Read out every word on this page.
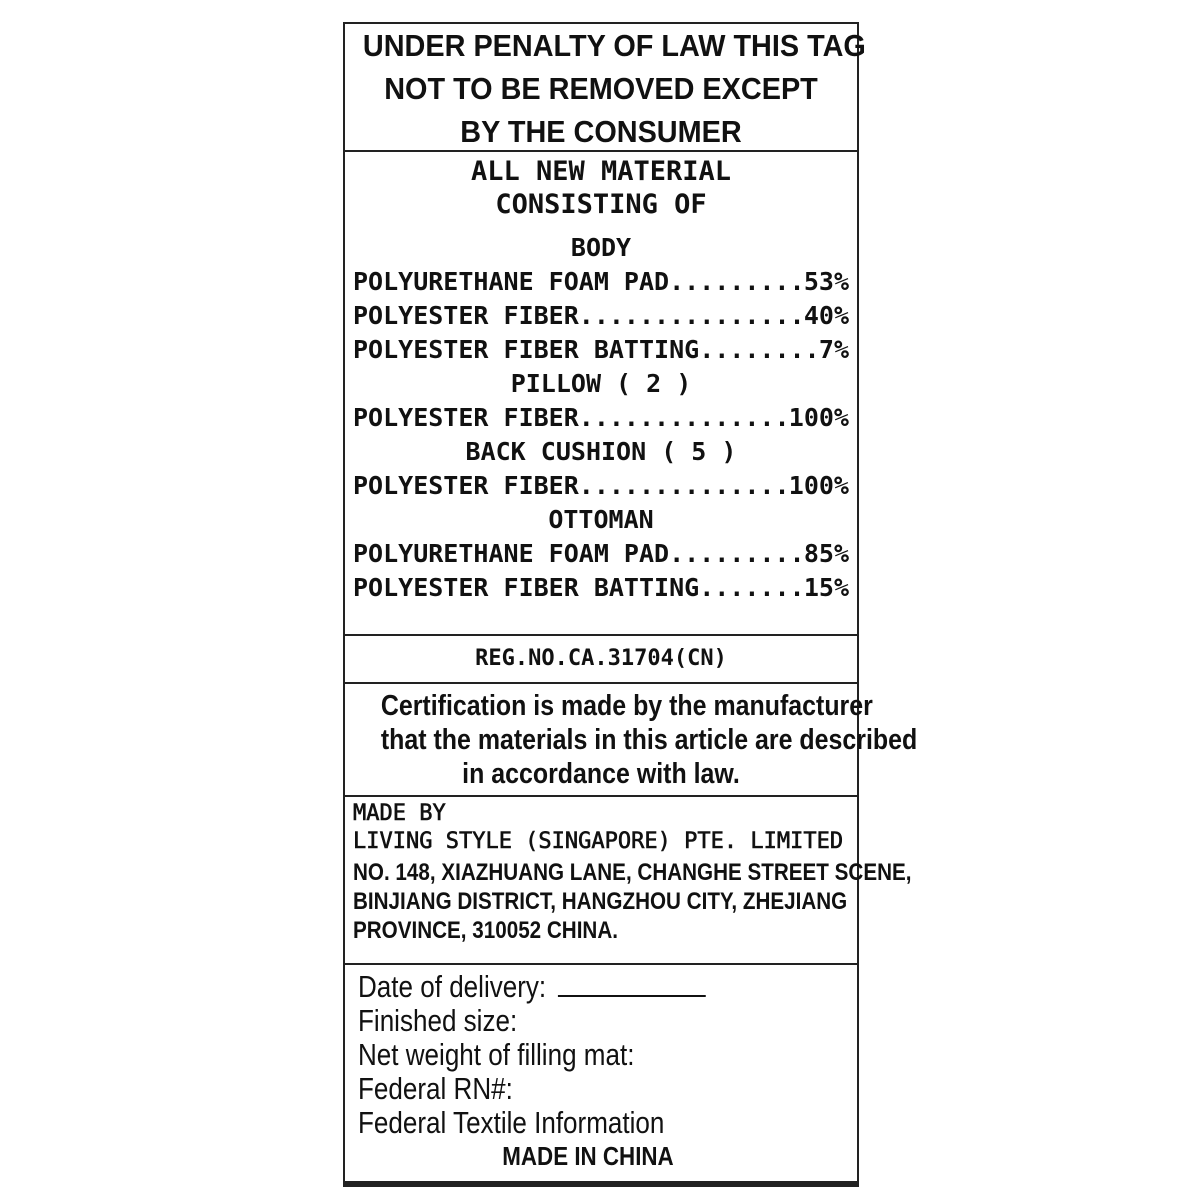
UNDER PENALTY OF LAW THIS TAG
NOT TO BE REMOVED EXCEPT
BY THE CONSUMER
ALL NEW MATERIAL
CONSISTING OF
BODY
POLYURETHANE FOAM PAD .....	53%
POLYESTER FIBER .....	40%
POLYESTER FIBER BATTING .....	7%
PILLOW ( 2 )
POLYESTER FIBER .....	100%
BACK CUSHION ( 5 )
POLYESTER FIBER .....	100%
OTTOMAN
POLYURETHANE FOAM PAD .....	85%
POLYESTER FIBER BATTING .....	15%
REG.NO.CA.31704(CN)
Certification is made by the manufacturer
that the materials in this article are described
in accordance with law.
MADE BY
LIVING STYLE (SINGAPORE) PTE. LIMITED
NO. 148, XIAZHUANG LANE, CHANGHE STREET SCENE,
BINJIANG DISTRICT, HANGZHOU CITY, ZHEJIANG
PROVINCE, 310052 CHINA.
Date of delivery:
Finished size:
Net weight of filling mat:
Federal RN#:
Federal Textile Information
MADE IN CHINA
